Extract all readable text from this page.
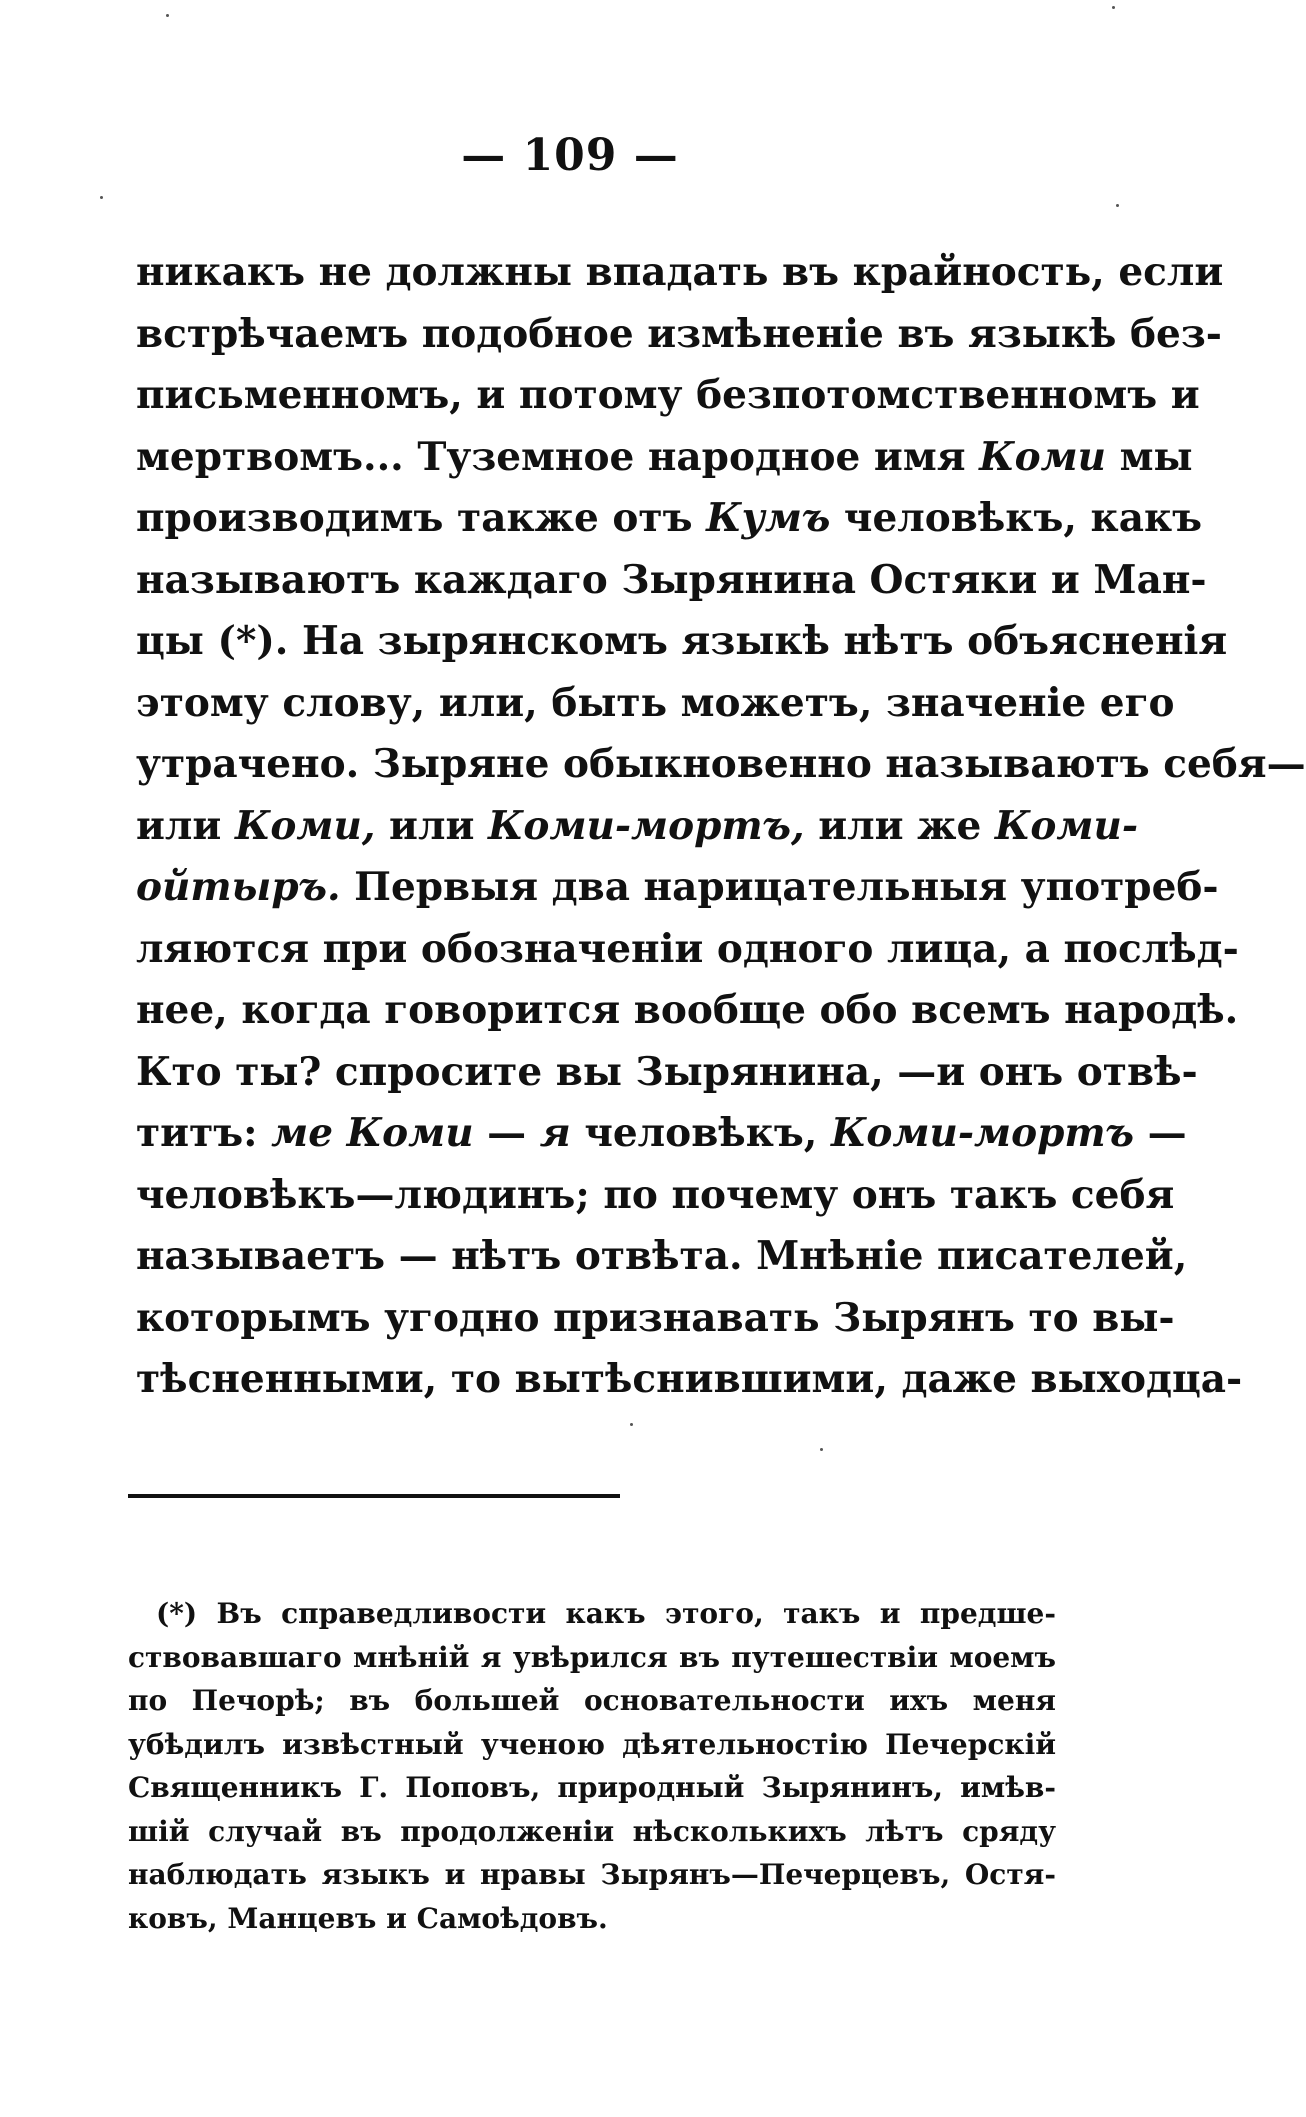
— 109 —
никакъ не должны впадать въ крайность, если
встрѣчаемъ подобное измѣненіе въ языкѣ без-
письменномъ, и потому безпотомственномъ и
мертвомъ... Туземное народное имя Коми мы
производимъ также отъ Кумъ человѣкъ, какъ
называютъ каждаго Зырянина Остяки и Ман-
цы (*). На зырянскомъ языкѣ нѣтъ объясненія
этому слову, или, быть можетъ, значеніе его
утрачено. Зыряне обыкновенно называютъ себя—
или Коми, или Коми-мортъ, или же Коми-
ойтыръ. Первыя два нарицательныя употреб-
ляются при обозначеніи одного лица, а послѣд-
нее, когда говорится вообще обо всемъ народѣ.
Кто ты? спросите вы Зырянина, —и онъ отвѣ-
титъ: ме Коми — я человѣкъ, Коми-мортъ —
человѣкъ—людинъ; по почему онъ такъ себя
называетъ — нѣтъ отвѣта. Мнѣніе писателей,
которымъ угодно признавать Зырянъ то вы-
тѣсненными, то вытѣснившими, даже выходца-
(*) Въ справедливости какъ этого, такъ и предше-
ствовавшаго мнѣній я увѣрился въ путешествіи моемъ
по Печорѣ; въ большей основательности ихъ меня
убѣдилъ извѣстный ученою дѣятельностію Печерскій
Священникъ Г. Поповъ, природный Зырянинъ, имѣв-
шій случай въ продолженіи нѣсколькихъ лѣтъ сряду
наблюдать языкъ и нравы Зырянъ—Печерцевъ, Остя-
ковъ, Манцевъ и Самоѣдовъ.
